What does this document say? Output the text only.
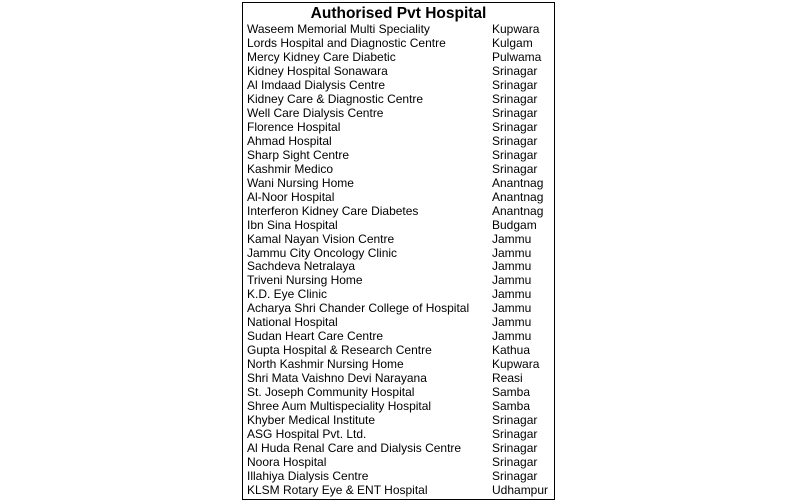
Authorised Pvt Hospital
Waseem Memorial Multi Speciality	Kupwara
Lords Hospital and Diagnostic Centre	Kulgam
Mercy Kidney Care Diabetic	Pulwama
Kidney Hospital Sonawara	Srinagar
Al Imdaad Dialysis Centre	Srinagar
Kidney Care & Diagnostic Centre	Srinagar
Well Care Dialysis Centre	Srinagar
Florence Hospital	Srinagar
Ahmad Hospital	Srinagar
Sharp Sight Centre	Srinagar
Kashmir Medico	Srinagar
Wani Nursing Home	Anantnag
Al-Noor Hospital	Anantnag
Interferon Kidney Care Diabetes	Anantnag
Ibn Sina Hospital	Budgam
Kamal Nayan Vision Centre	Jammu
Jammu City Oncology Clinic	Jammu
Sachdeva Netralaya	Jammu
Triveni Nursing Home	Jammu
K.D. Eye Clinic	Jammu
Acharya Shri Chander College of Hospital Jammu
National Hospital	Jammu
Sudan Heart Care Centre	Jammu
Gupta Hospital & Research Centre	Kathua
North Kashmir Nursing Home	Kupwara
Shri Mata Vaishno Devi Narayana	Reasi
St. Joseph Community Hospital	Samba
Shree Aum Multispeciality Hospital	Samba
Khyber Medical Institute	Srinagar
ASG Hospital Pvt. Ltd.	Srinagar
Al Huda Renal Care and Dialysis Centre	Srinagar
Noora Hospital	Srinagar
Illahiya Dialysis Centre	Srinagar
KLSM Rotary Eye & ENT Hospital	Udhampur
